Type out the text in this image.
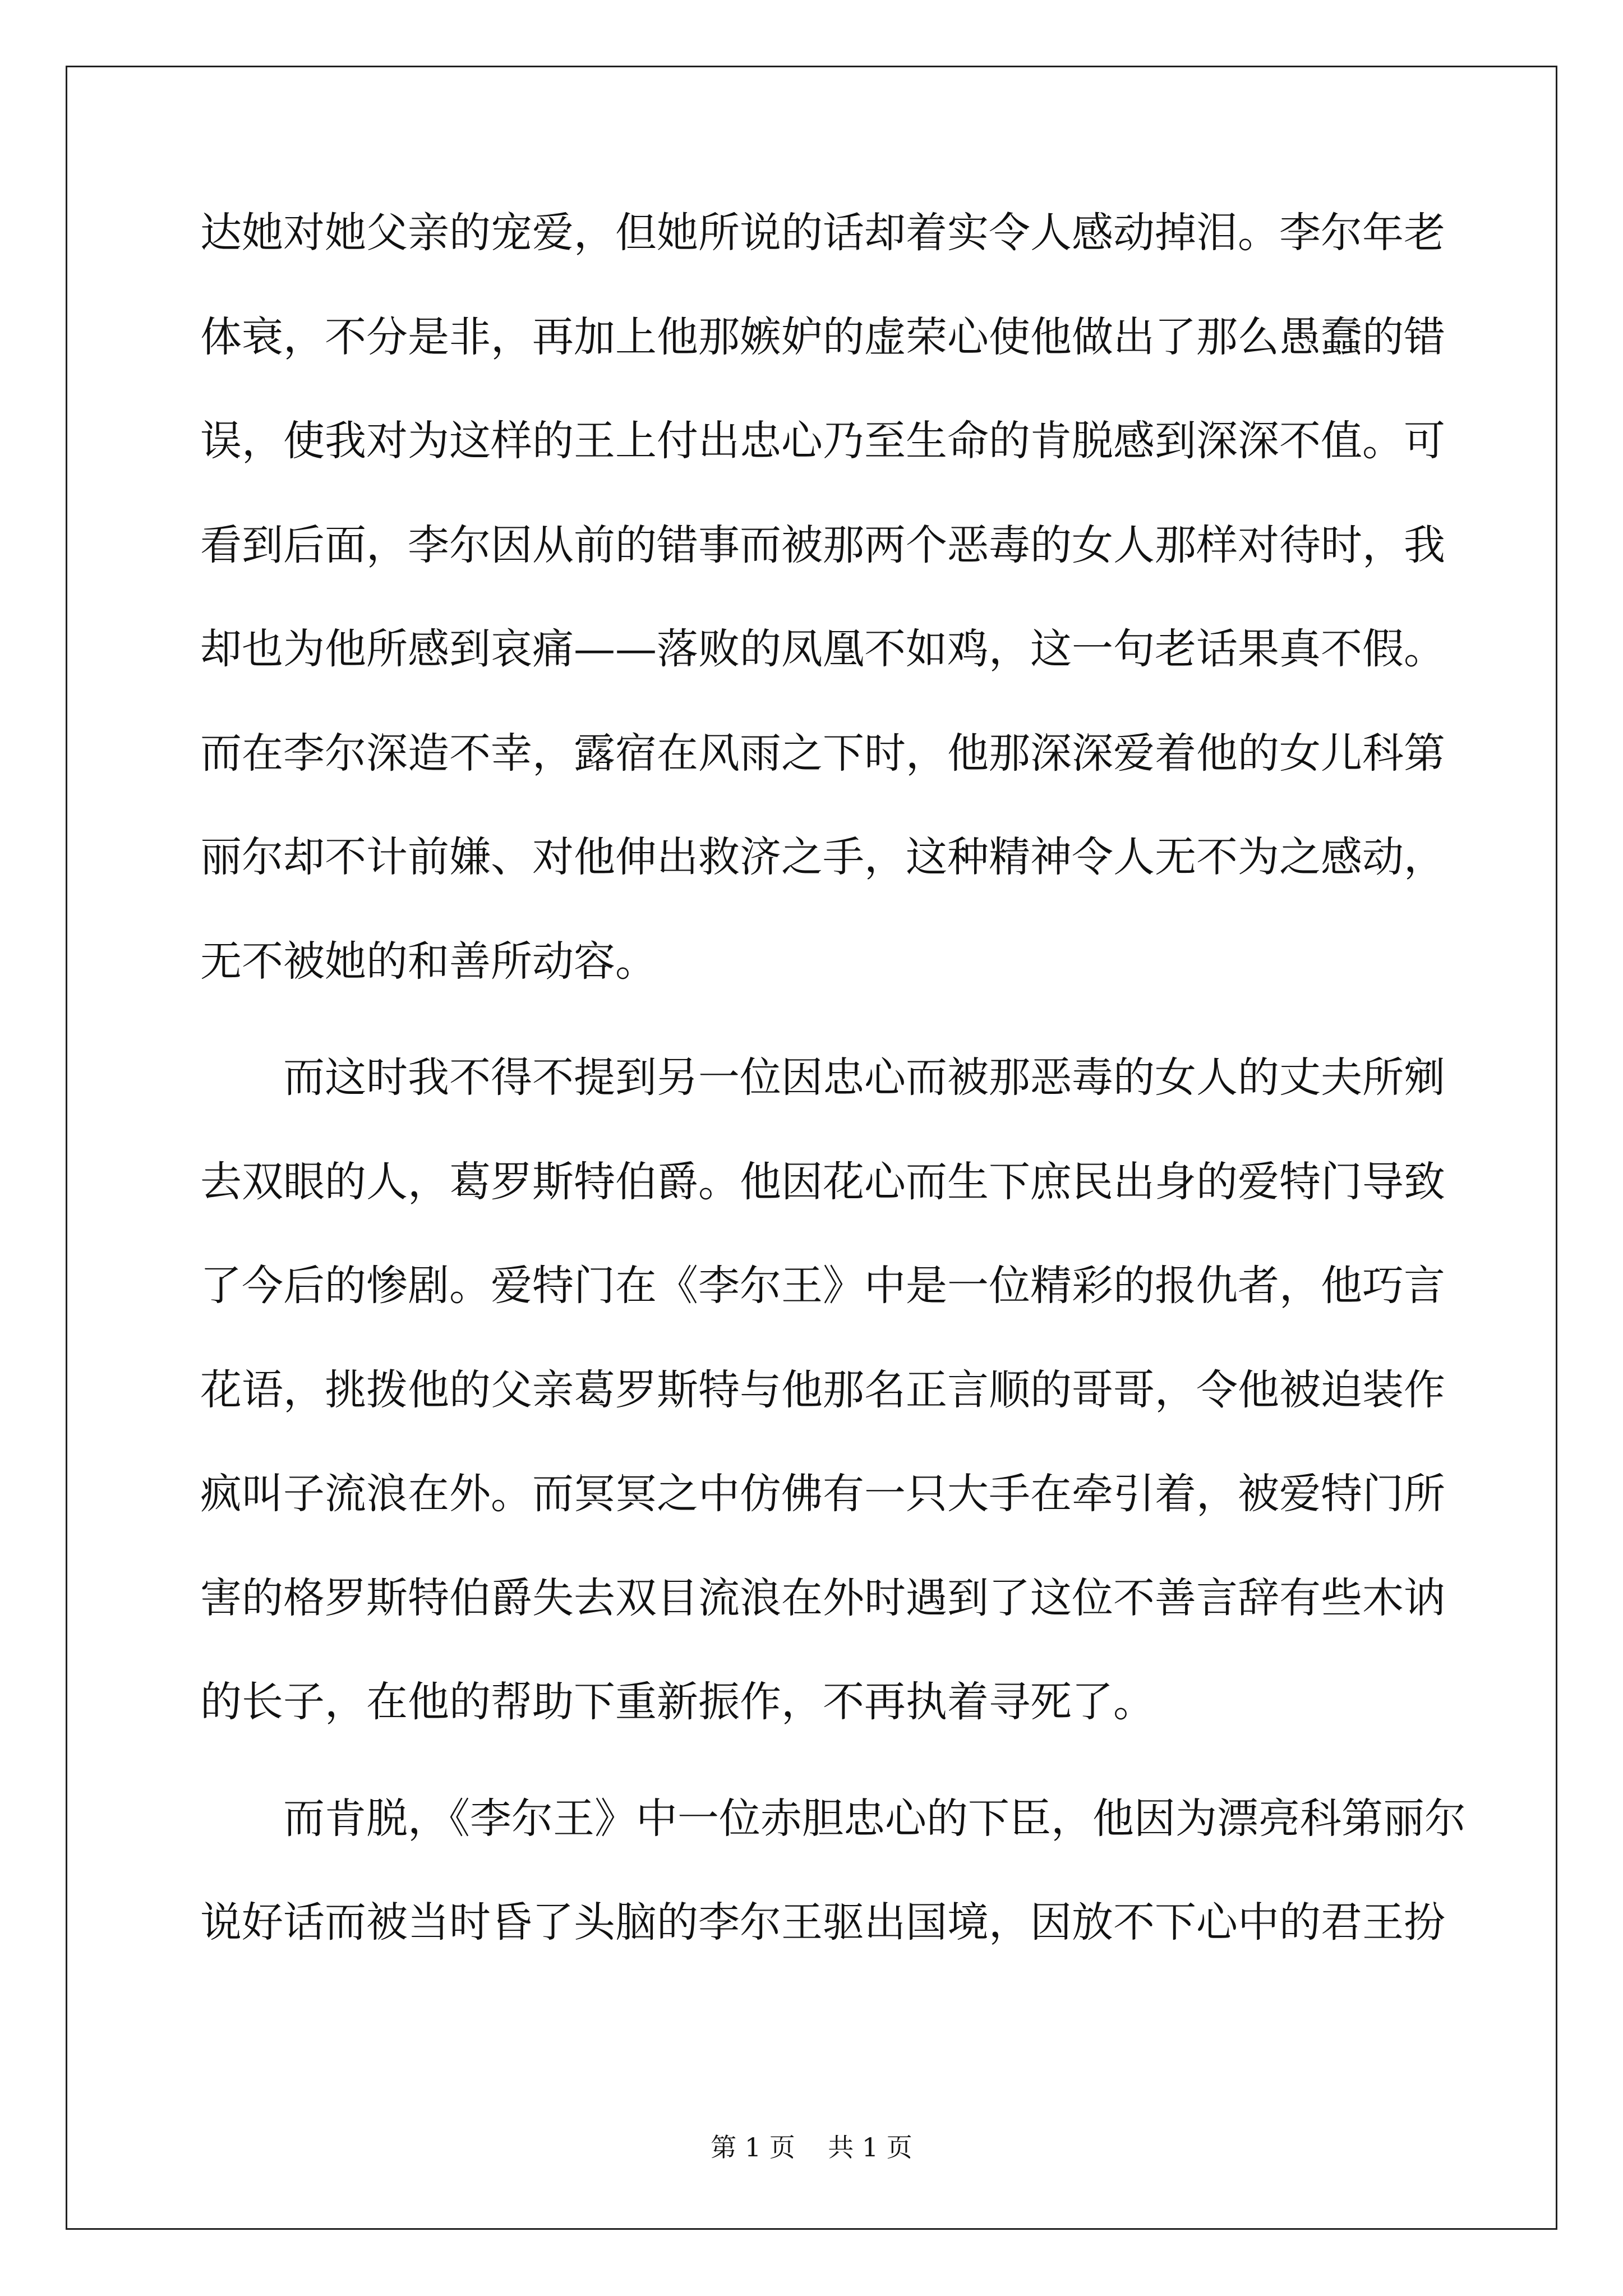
达她对她父亲的宠爱，但她所说的话却着实令人感动掉泪。李尔年老
体衰，不分是非，再加上他那嫉妒的虚荣心使他做出了那么愚蠢的错
误，使我对为这样的王上付出忠心乃至生命的肯脱感到深深不值。可
看到后面，李尔因从前的错事而被那两个恶毒的女人那样对待时，我
却也为他所感到哀痛——落败的凤凰不如鸡，这一句老话果真不假。
而在李尔深造不幸，露宿在风雨之下时，他那深深爱着他的女儿科第
丽尔却不计前嫌、对他伸出救济之手，这种精神令人无不为之感动，
无不被她的和善所动容。
而这时我不得不提到另一位因忠心而被那恶毒的女人的丈夫所剜
去双眼的人，葛罗斯特伯爵。他因花心而生下庶民出身的爱特门导致
了今后的惨剧。爱特门在《李尔王》中是一位精彩的报仇者，他巧言
花语，挑拨他的父亲葛罗斯特与他那名正言顺的哥哥，令他被迫装作
疯叫子流浪在外。而冥冥之中仿佛有一只大手在牵引着，被爱特门所
害的格罗斯特伯爵失去双目流浪在外时遇到了这位不善言辞有些木讷
的长子，在他的帮助下重新振作，不再执着寻死了。
而肯脱，《李尔王》中一位赤胆忠心的下臣，他因为漂亮科第丽尔
说好话而被当时昏了头脑的李尔王驱出国境，因放不下心中的君王扮
第 1 页 共 1 页
